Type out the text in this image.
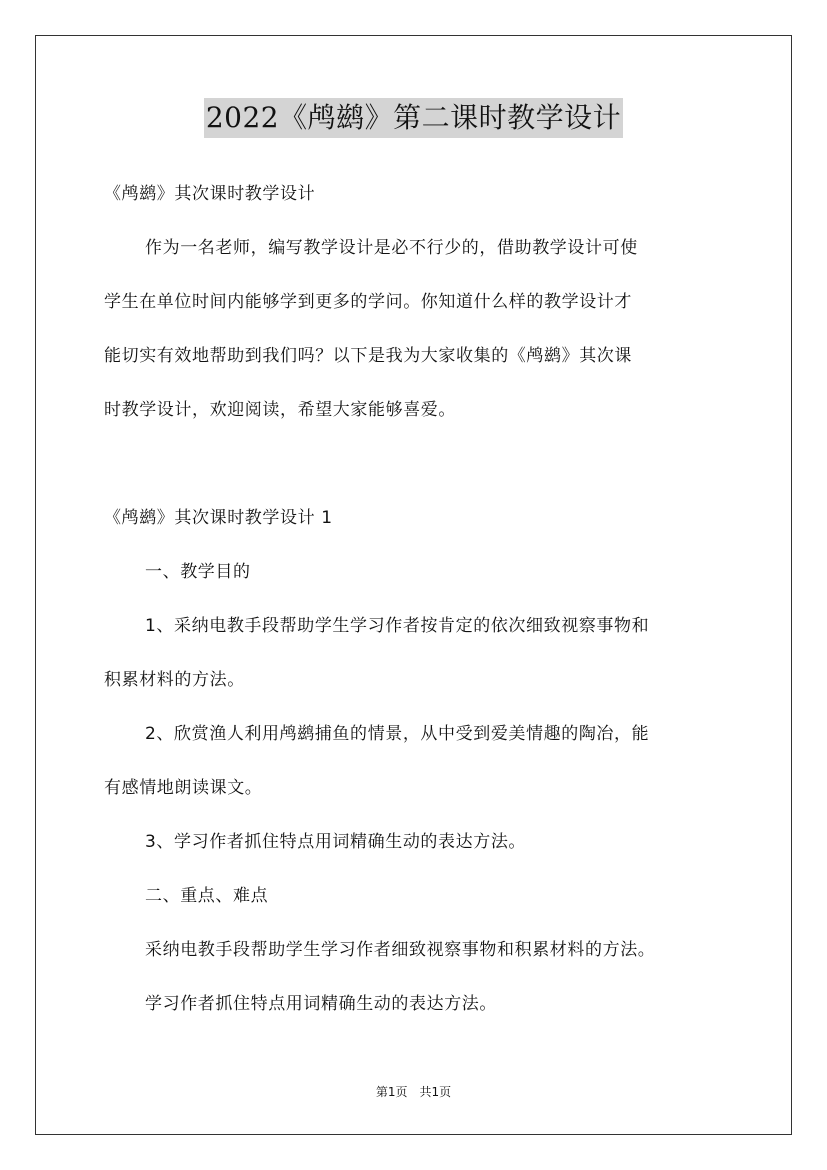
2022《鸬鹚》第二课时教学设计
《鸬鹚》其次课时教学设计
作为一名老师，编写教学设计是必不行少的，借助教学设计可使
学生在单位时间内能够学到更多的学问。你知道什么样的教学设计才
能切实有效地帮助到我们吗？以下是我为大家收集的《鸬鹚》其次课
时教学设计，欢迎阅读，希望大家能够喜爱。
《鸬鹚》其次课时教学设计 1
一、教学目的
1、采纳电教手段帮助学生学习作者按肯定的依次细致视察事物和
积累材料的方法。
2、欣赏渔人利用鸬鹚捕鱼的情景，从中受到爱美情趣的陶冶，能
有感情地朗读课文。
3、学习作者抓住特点用词精确生动的表达方法。
二、重点、难点
采纳电教手段帮助学生学习作者细致视察事物和积累材料的方法。
学习作者抓住特点用词精确生动的表达方法。
第1页　共1页
